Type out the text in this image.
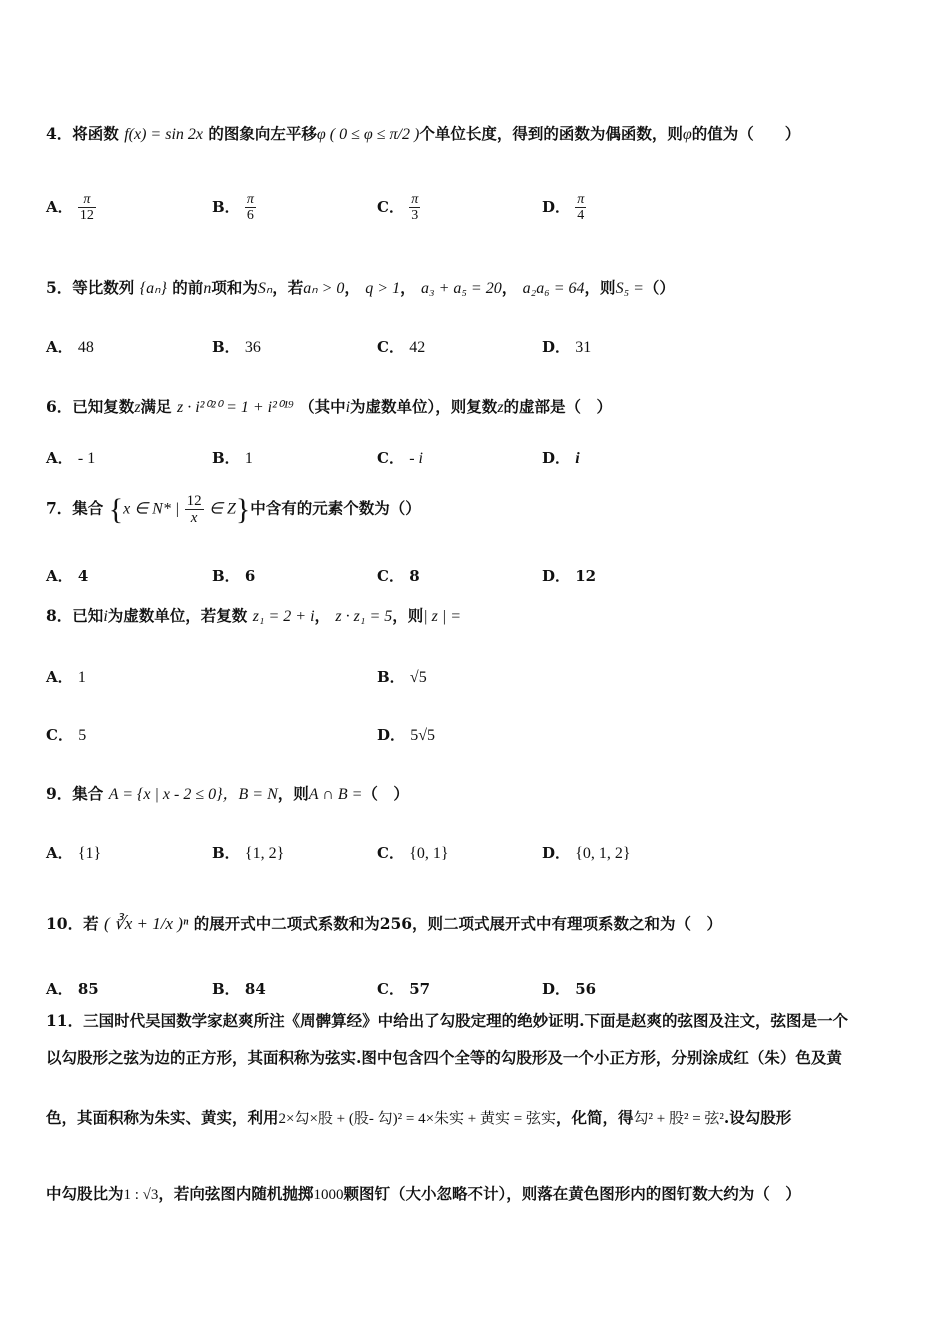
4．将函数 f(x) = sin 2x 的图象向左平移φ ( 0 ≤ φ ≤ π/2 )个单位长度，得到的函数为偶函数，则φ的值为（　　）
A． $\frac{\pi}{12}$	B． $\frac{\pi}{6}$	C． $\frac{\pi}{3}$	D． $\frac{\pi}{4}$
5．等比数列 {aₙ} 的前n项和为Sₙ，若aₙ > 0， q > 1， a₃ + a₅ = 20， a₂a₆ = 64，则S₅ =（）
A． 48	B． 36	C． 42	D． 31
6．已知复数z满足 z · i²⁰²⁰ = 1 + i²⁰¹⁹ （其中i为虚数单位），则复数z的虚部是（　）
A． - 1	B． 1	C． - i	D． i
7．集合 {x ∈ N* | $\frac{12}{x}$ ∈ Z}中含有的元素个数为（）
A． 4	B． 6	C． 8	D． 12
8．已知i为虚数单位，若复数 z₁ = 2 + i， z · z₁ = 5，则| z | =
A． 1	B． √5
C． 5	D． 5√5
9．集合 A = {x | x - 2 ≤ 0}，B = N，则A ∩ B =（　）
A． {1}	B． {1, 2}	C． {0, 1}	D． {0, 1, 2}
10．若 ( ∛x + 1/x )ⁿ 的展开式中二项式系数和为256，则二项式展开式中有理项系数之和为（　）
A． 85	B． 84	C． 57	D． 56
11．三国时代吴国数学家赵爽所注《周髀算经》中给出了勾股定理的绝妙证明.下面是赵爽的弦图及注文，弦图是一个
以勾股形之弦为边的正方形，其面积称为弦实.图中包含四个全等的勾股形及一个小正方形，分别涂成红（朱）色及黄
色，其面积称为朱实、黄实，利用2×勾×股 + (股- 勾)² = 4×朱实 + 黄实 = 弦实，化简，得勾² + 股² = 弦².设勾股形
中勾股比为1 : √3，若向弦图内随机抛掷1000颗图钉（大小忽略不计），则落在黄色图形内的图钉数大约为（　）
